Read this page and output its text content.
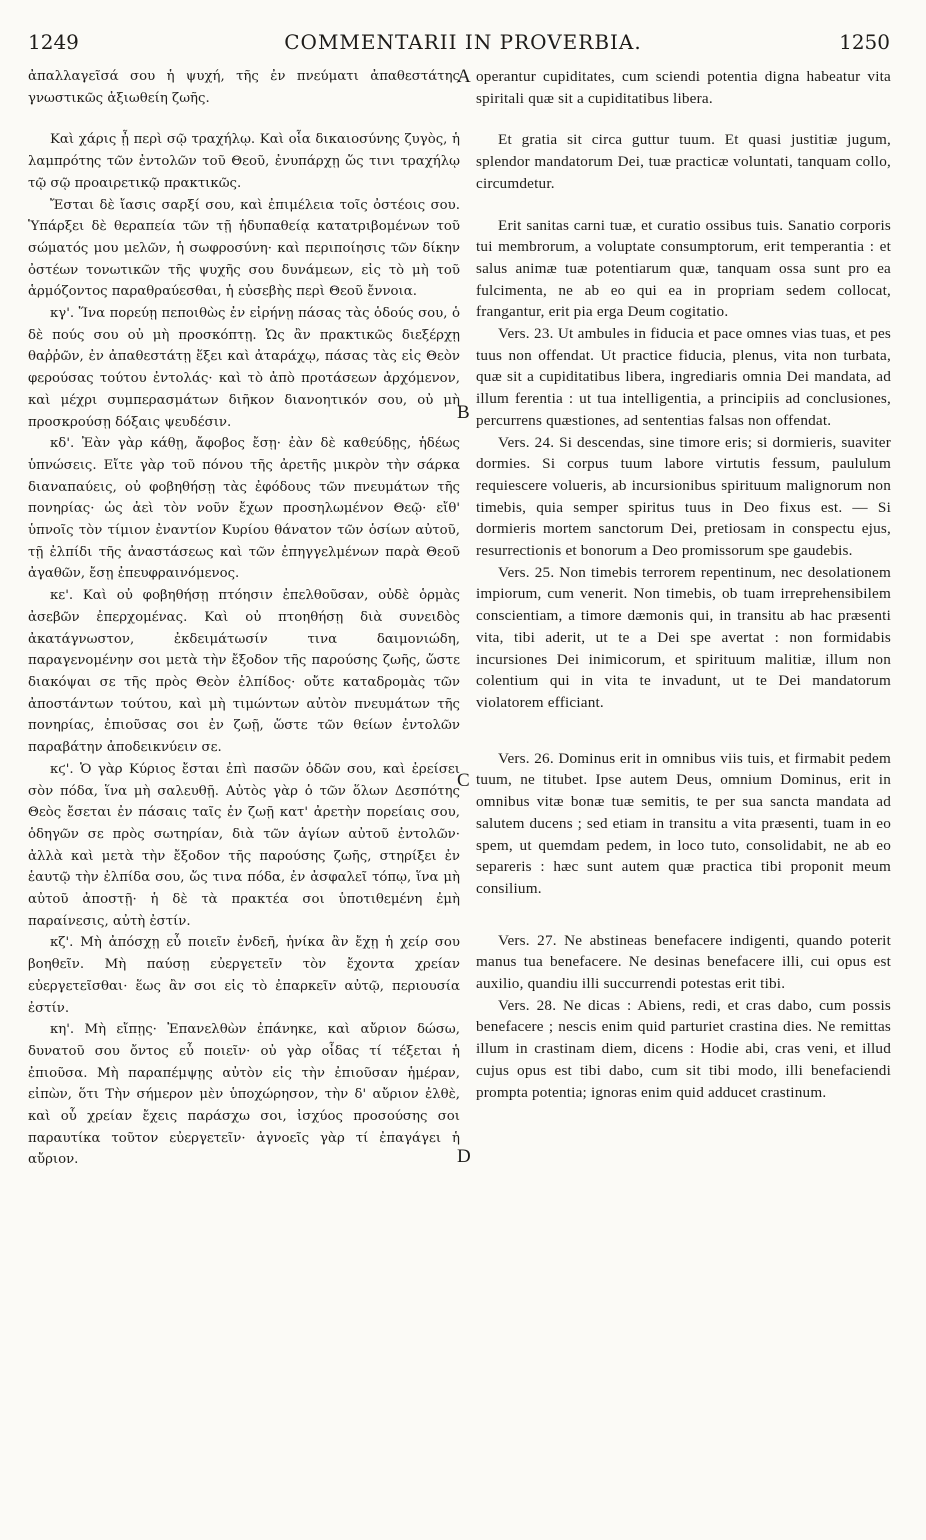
1249	COMMENTARII IN PROVERBIA.	1250
A
B
C
D

ἀπαλλαγεῖσά σου ἡ ψυχή, τῆς ἐν πνεύματι ἀπαθεστάτης γνωστικῶς ἀξιωθείη ζωῆς.

Καὶ χάρις ᾖ περὶ σῷ τραχήλῳ. Καὶ οἷα δικαιοσύνης ζυγὸς, ἡ λαμπρότης τῶν ἐντολῶν τοῦ Θεοῦ, ἐνυπάρχῃ ὥς τινι τραχήλῳ τῷ σῷ προαιρετικῷ πρακτικῶς.

Ἔσται δὲ ἴασις σαρξί σου, καὶ ἐπιμέλεια τοῖς ὀστέοις σου. Ὑπάρξει δὲ θεραπεία τῶν τῇ ἡδυπαθείᾳ κατατριβομένων τοῦ σώματός μου μελῶν, ἡ σωφροσύνη· καὶ περιποίησις τῶν δίκην ὀστέων τονωτικῶν τῆς ψυχῆς σου δυνάμεων, εἰς τὸ μὴ τοῦ ἁρμόζοντος παραθραύεσθαι, ἡ εὐσεβὴς περὶ Θεοῦ ἔννοια.

κγ'. Ἵνα πορεύῃ πεποιθὼς ἐν εἰρήνῃ πάσας τὰς ὁδούς σου, ὁ δὲ πούς σου οὐ μὴ προσκόπτῃ. Ὡς ἂν πρακτικῶς διεξέρχῃ θαῤῥῶν, ἐν ἀπαθεστάτῃ ἕξει καὶ ἀταράχῳ, πάσας τὰς εἰς Θεὸν φερούσας τούτου ἐντολάς· καὶ τὸ ἀπὸ προτάσεων ἀρχόμενον, καὶ μέχρι συμπερασμάτων διῆκον διανοητικόν σου, οὐ μὴ προσκρούσῃ δόξαις ψευδέσιν.

κδ'. Ἐὰν γὰρ κάθῃ, ἄφοβος ἔσῃ· ἐὰν δὲ καθεύδῃς, ἡδέως ὑπνώσεις. Εἴτε γὰρ τοῦ πόνου τῆς ἀρετῆς μικρὸν τὴν σάρκα διαναπαύεις, οὐ φοβηθήσῃ τὰς ἐφόδους τῶν πνευμάτων τῆς πονηρίας· ὡς ἀεὶ τὸν νοῦν ἔχων προσηλωμένον Θεῷ· εἴθ' ὑπνοῖς τὸν τίμιον ἐναντίον Κυρίου θάνατον τῶν ὁσίων αὐτοῦ, τῇ ἐλπίδι τῆς ἀναστάσεως καὶ τῶν ἐπηγγελμένων παρὰ Θεοῦ ἀγαθῶν, ἔσῃ ἐπευφραινόμενος.

κε'. Καὶ οὐ φοβηθήσῃ πτόησιν ἐπελθοῦσαν, οὐδὲ ὁρμὰς ἀσεβῶν ἐπερχομένας. Καὶ οὐ πτοηθήσῃ διὰ συνειδὸς ἀκατάγνωστον, ἐκδειμάτωσίν τινα δαιμονιώδη, παραγενομένην σοι μετὰ τὴν ἔξοδον τῆς παρούσης ζωῆς, ὥστε διακόψαι σε τῆς πρὸς Θεὸν ἐλπίδος· οὔτε καταδρομὰς τῶν ἀποστάντων τούτου, καὶ μὴ τιμώντων αὐτὸν πνευμάτων τῆς πονηρίας, ἐπιοῦσας σοι ἐν ζωῇ, ὥστε τῶν θείων ἐντολῶν παραβάτην ἀποδεικνύειν σε.

κϛ'. Ὁ γὰρ Κύριος ἔσται ἐπὶ πασῶν ὁδῶν σου, καὶ ἐρείσει σὸν πόδα, ἵνα μὴ σαλευθῇ. Αὐτὸς γὰρ ὁ τῶν ὅλων Δεσπότης Θεὸς ἔσεται ἐν πάσαις ταῖς ἐν ζωῇ κατ' ἀρετὴν πορείαις σου, ὁδηγῶν σε πρὸς σωτηρίαν, διὰ τῶν ἁγίων αὐτοῦ ἐντολῶν· ἀλλὰ καὶ μετὰ τὴν ἔξοδον τῆς παρούσης ζωῆς, στηρίξει ἐν ἑαυτῷ τὴν ἐλπίδα σου, ὥς τινα πόδα, ἐν ἀσφαλεῖ τόπῳ, ἵνα μὴ αὐτοῦ ἀποστῇ· ἡ δὲ τὰ πρακτέα σοι ὑποτιθεμένη ἐμὴ παραίνεσις, αὐτὴ ἐστίν.

κζ'. Μὴ ἀπόσχῃ εὖ ποιεῖν ἐνδεῆ, ἡνίκα ἂν ἔχῃ ἡ χείρ σου βοηθεῖν. Μὴ παύσῃ εὐεργετεῖν τὸν ἔχοντα χρείαν εὐεργετεῖσθαι· ἕως ἂν σοι εἰς τὸ ἐπαρκεῖν αὐτῷ, περιουσία ἐστίν.

κη'. Μὴ εἴπῃς· Ἐπανελθὼν ἐπάνηκε, καὶ αὔριον δώσω, δυνατοῦ σου ὄντος εὖ ποιεῖν· οὐ γὰρ οἶδας τί τέξεται ἡ ἐπιοῦσα. Μὴ παραπέμψῃς αὐτὸν εἰς τὴν ἐπιοῦσαν ἡμέραν, εἰπὼν, ὅτι Τὴν σήμερον μὲν ὑποχώρησον, τὴν δ' αὔριον ἐλθὲ, καὶ οὗ χρείαν ἔχεις παράσχω σοι, ἰσχύος προσούσης σοι παραυτίκα τοῦτον εὐεργετεῖν· ἀγνοεῖς γὰρ τί ἐπαγάγει ἡ αὔριον.

operantur cupiditates, cum sciendi potentia digna habeatur vita spiritali quæ sit a cupiditatibus libera.

Et gratia sit circa guttur tuum. Et quasi justitiæ jugum, splendor mandatorum Dei, tuæ practicæ voluntati, tanquam collo, circumdetur.

Erit sanitas carni tuæ, et curatio ossibus tuis. Sanatio corporis tui membrorum, a voluptate consumptorum, erit temperantia : et salus animæ tuæ potentiarum quæ, tanquam ossa sunt pro ea fulcimenta, ne ab eo qui ea in propriam sedem collocat, frangantur, erit pia erga Deum cogitatio.

Vers. 23. Ut ambules in fiducia et pace omnes vias tuas, et pes tuus non offendat. Ut practice fiducia, plenus, vita non turbata, quæ sit a cupiditatibus libera, ingrediaris omnia Dei mandata, ad illum ferentia : ut tua intelligentia, a principiis ad conclusiones, percurrens quæstiones, ad sententias falsas non offendat.

Vers. 24. Si descendas, sine timore eris; si dormieris, suaviter dormies. Si corpus tuum labore virtutis fessum, paululum requiescere volueris, ab incursionibus spirituum malignorum non timebis, quia semper spiritus tuus in Deo fixus est. — Si dormieris mortem sanctorum Dei, pretiosam in conspectu ejus, resurrectionis et bonorum a Deo promissorum spe gaudebis.

Vers. 25. Non timebis terrorem repentinum, nec desolationem impiorum, cum venerit. Non timebis, ob tuam irreprehensibilem conscientiam, a timore dæmonis qui, in transitu ab hac præsenti vita, tibi aderit, ut te a Dei spe avertat : non formidabis incursiones Dei inimicorum, et spirituum malitiæ, illum non colentium qui in vita te invadunt, ut te Dei mandatorum violatorem efficiant.

Vers. 26. Dominus erit in omnibus viis tuis, et firmabit pedem tuum, ne titubet. Ipse autem Deus, omnium Dominus, erit in omnibus vitæ bonæ tuæ semitis, te per sua sancta mandata ad salutem ducens ; sed etiam in transitu a vita præsenti, tuam in eo spem, ut quemdam pedem, in loco tuto, consolidabit, ne ab eo separeris : hæc sunt autem quæ practica tibi proponit meum consilium.

Vers. 27. Ne abstineas benefacere indigenti, quando poterit manus tua benefacere. Ne desinas benefacere illi, cui opus est auxilio, quandiu illi succurrendi potestas erit tibi.

Vers. 28. Ne dicas : Abiens, redi, et cras dabo, cum possis benefacere ; nescis enim quid parturiet crastina dies. Ne remittas illum in crastinam diem, dicens : Hodie abi, cras veni, et illud cujus opus est tibi dabo, cum sit tibi modo, illi benefaciendi prompta potentia; ignoras enim quid adducet crastinum.
